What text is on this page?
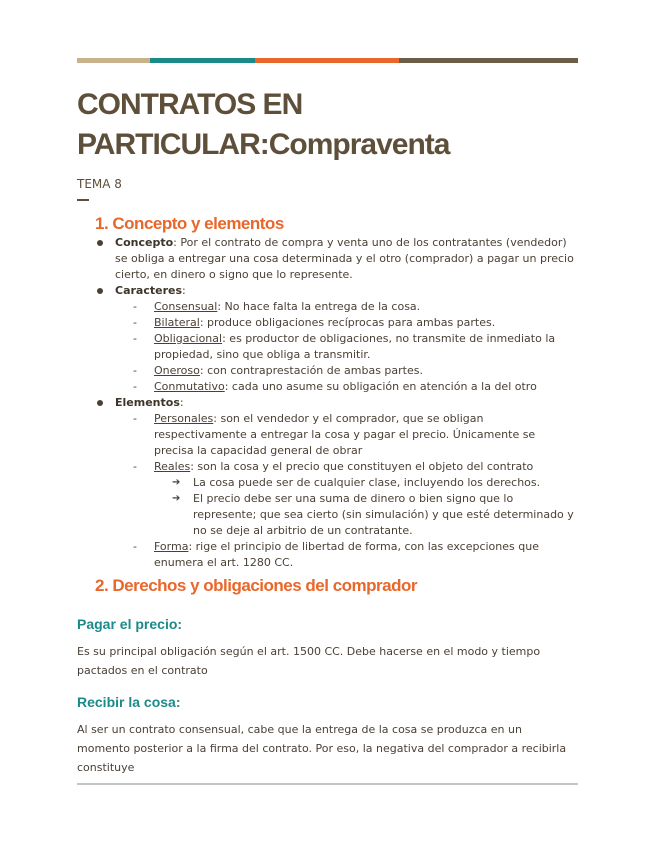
CONTRATOS EN
PARTICULAR:Compraventa
TEMA 8
1. Concepto y elementos
Concepto: Por el contrato de compra y venta uno de los contratantes (vendedor) se obliga a entregar una cosa determinada y el otro (comprador) a pagar un precio cierto, en dinero o signo que lo represente.
Caracteres:
- Consensual: No hace falta la entrega de la cosa.
- Bilateral: produce obligaciones recíprocas para ambas partes.
- Obligacional: es productor de obligaciones, no transmite de inmediato la propiedad, sino que obliga a transmitir.
- Oneroso: con contraprestación de ambas partes.
- Conmutativo: cada uno asume su obligación en atención a la del otro
Elementos:
- Personales: son el vendedor y el comprador, que se obligan respectivamente a entregar la cosa y pagar el precio. Únicamente se precisa la capacidad general de obrar
- Reales: son la cosa y el precio que constituyen el objeto del contrato
➔ La cosa puede ser de cualquier clase, incluyendo los derechos.
➔ El precio debe ser una suma de dinero o bien signo que lo represente; que sea cierto (sin simulación) y que esté determinado y no se deje al arbitrio de un contratante.
- Forma: rige el principio de libertad de forma, con las excepciones que enumera el art. 1280 CC.
2. Derechos y obligaciones del comprador
Pagar el precio:
Es su principal obligación según el art. 1500 CC. Debe hacerse en el modo y tiempo pactados en el contrato
Recibir la cosa:
Al ser un contrato consensual, cabe que la entrega de la cosa se produzca en un momento posterior a la firma del contrato. Por eso, la negativa del comprador a recibirla constituye
